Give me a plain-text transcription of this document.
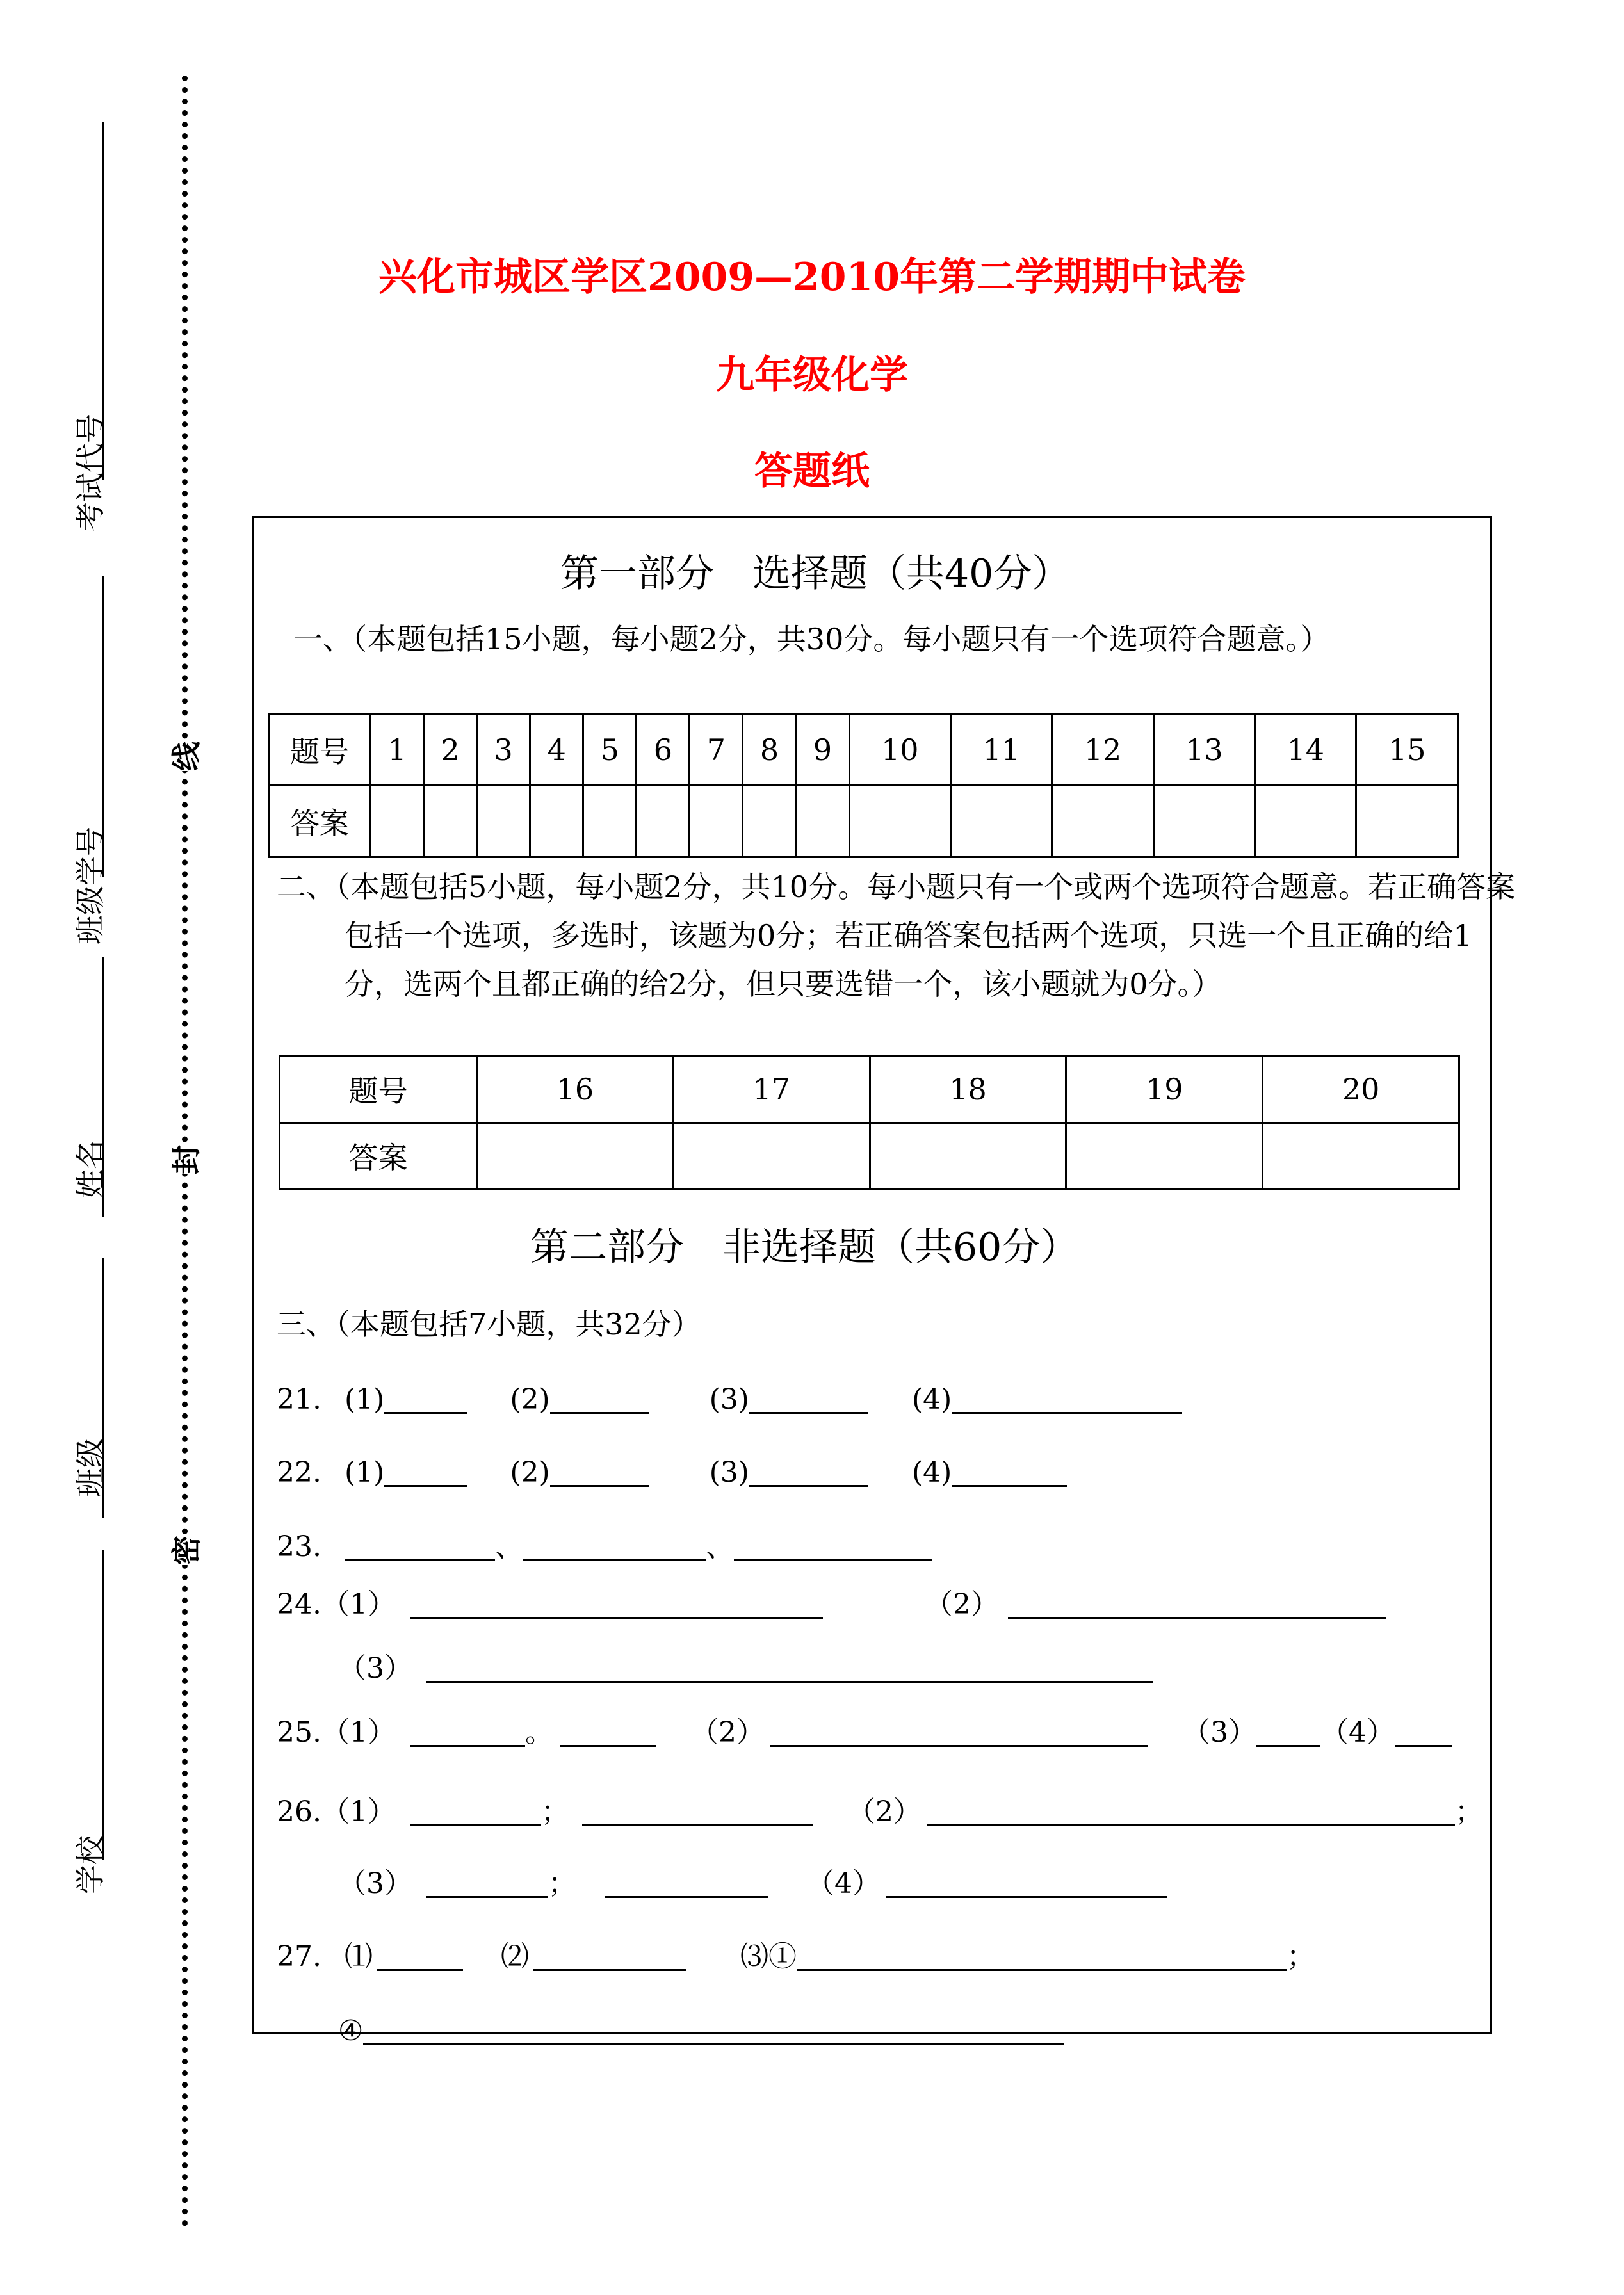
考试代号
班级学号
姓名
班级
学校
线
封
密
兴化市城区学区2009—2010年第二学期期中试卷
九年级化学
答题纸
第一部分　选择题（共40分）
一、（本题包括15小题，每小题2分，共30分。每小题只有一个选项符合题意。）
题号	1	2	3	4	5	6	7	8	9	10	11	12	13	14	15
答案															
二、（本题包括5小题，每小题2分，共10分。每小题只有一个或两个选项符合题意。若正确答案包括一个选项，多选时，该题为0分；若正确答案包括两个选项，只选一个且正确的给1分，选两个且都正确的给2分，但只要选错一个，该小题就为0分。）
题号	16	17	18	19	20
答案					
第二部分　非选择题（共60分）
三、（本题包括7小题，共32分）
21. (1)	(2)	(3)	(4)
22. (1)	(2)	(3)	(4)
23.	、	、
24.（1）	（2）
（3）
25.（1）	。	（2）	（3） （4）
26.（1）	；	（2）	；
（3）	；	（4）
27. ⑴	⑵	⑶①	；
④
